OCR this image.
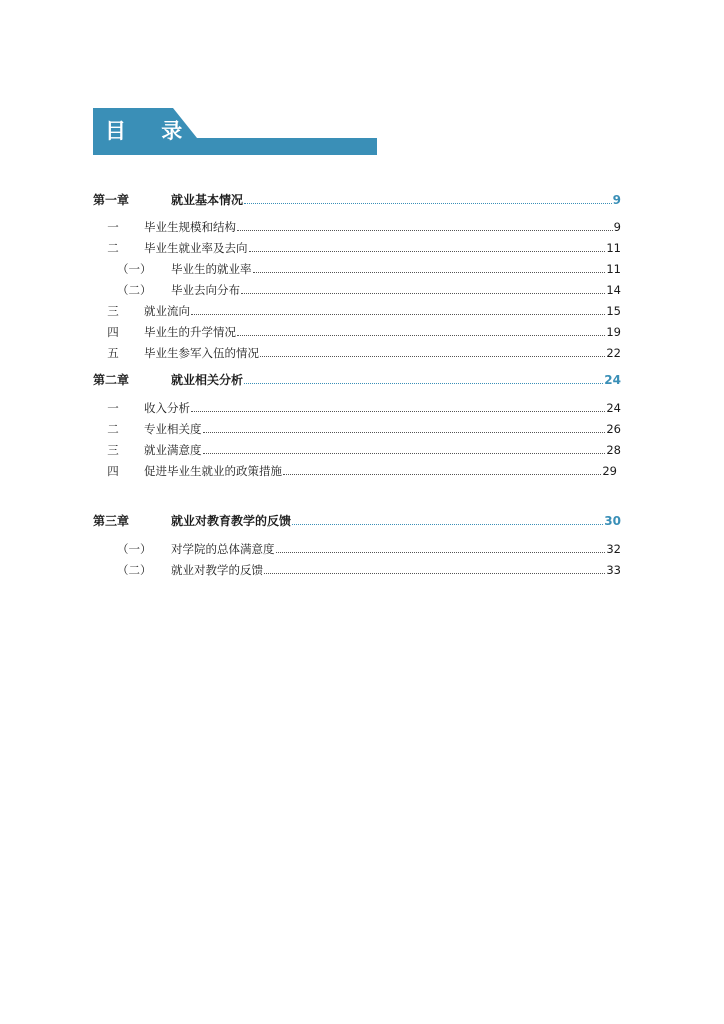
目 录
第一章	就业基本情况	9
一	毕业生规模和结构	9
二	毕业生就业率及去向	11
（一）	毕业生的就业率	11
（二）	毕业去向分布	14
三	就业流向	15
四	毕业生的升学情况	19
五	毕业生参军入伍的情况	22
第二章	就业相关分析	24
一	收入分析	24
二	专业相关度	26
三	就业满意度	28
四	促进毕业生就业的政策措施	29
第三章	就业对教育教学的反馈	30
（一）	对学院的总体满意度	32
（二）	就业对教学的反馈	33
